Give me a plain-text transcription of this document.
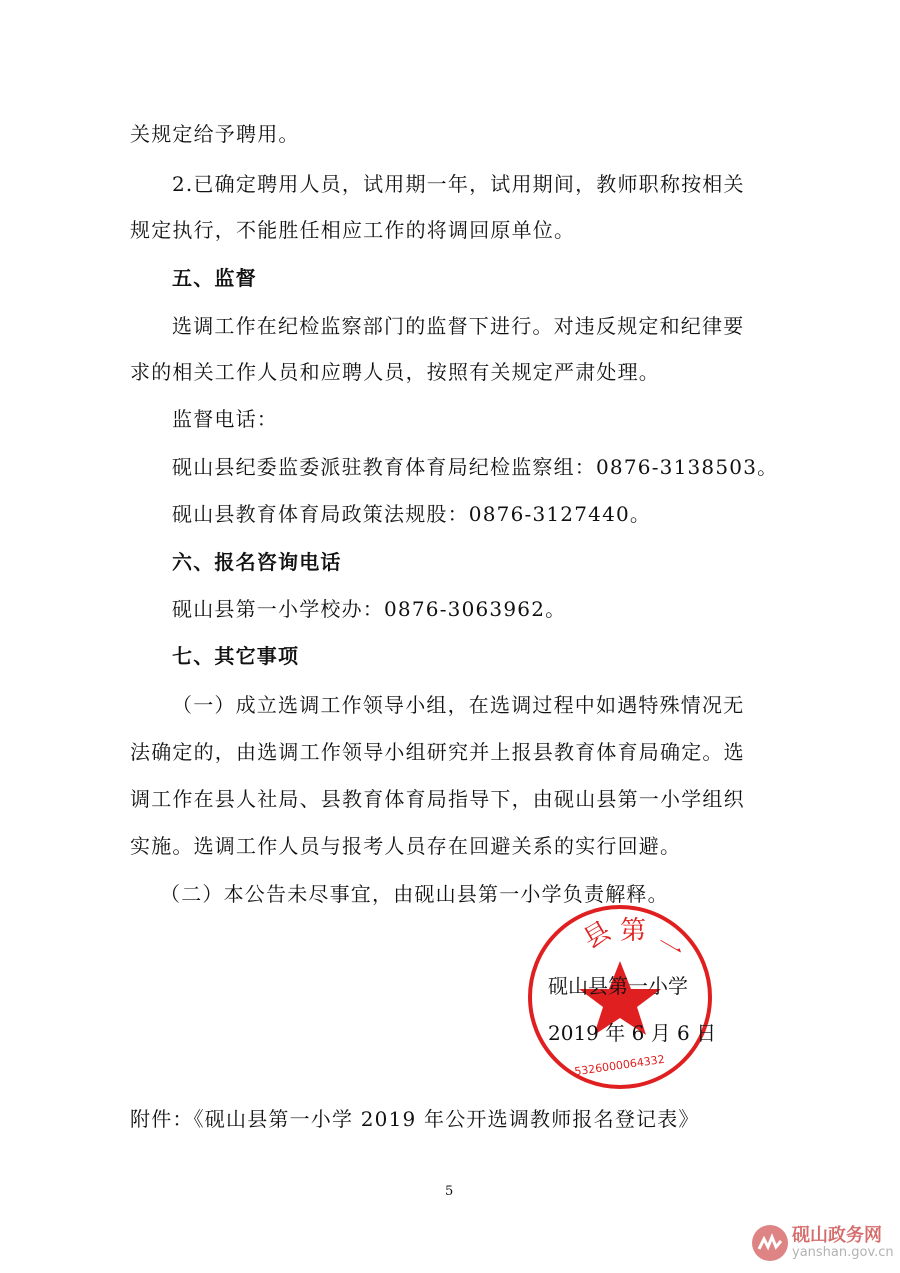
关规定给予聘用。
2.已确定聘用人员，试用期一年，试用期间，教师职称按相关
规定执行，不能胜任相应工作的将调回原单位。
五、监督
选调工作在纪检监察部门的监督下进行。对违反规定和纪律要
求的相关工作人员和应聘人员，按照有关规定严肃处理。
监督电话：
砚山县纪委监委派驻教育体育局纪检监察组：0876-3138503。
砚山县教育体育局政策法规股：0876-3127440。
六、报名咨询电话
砚山县第一小学校办：0876-3063962。
七、其它事项
（一）成立选调工作领导小组，在选调过程中如遇特殊情况无
法确定的，由选调工作领导小组研究并上报县教育体育局确定。选
调工作在县人社局、县教育体育局指导下，由砚山县第一小学组织
实施。选调工作人员与报考人员存在回避关系的实行回避。
（二）本公告未尽事宜，由砚山县第一小学负责解释。
5326000064332
县 第 一
砚山县第一小学
2019 年 6 月 6 日
附件：《砚山县第一小学 2019 年公开选调教师报名登记表》
5
砚山政务网
yanshan.gov.cn
